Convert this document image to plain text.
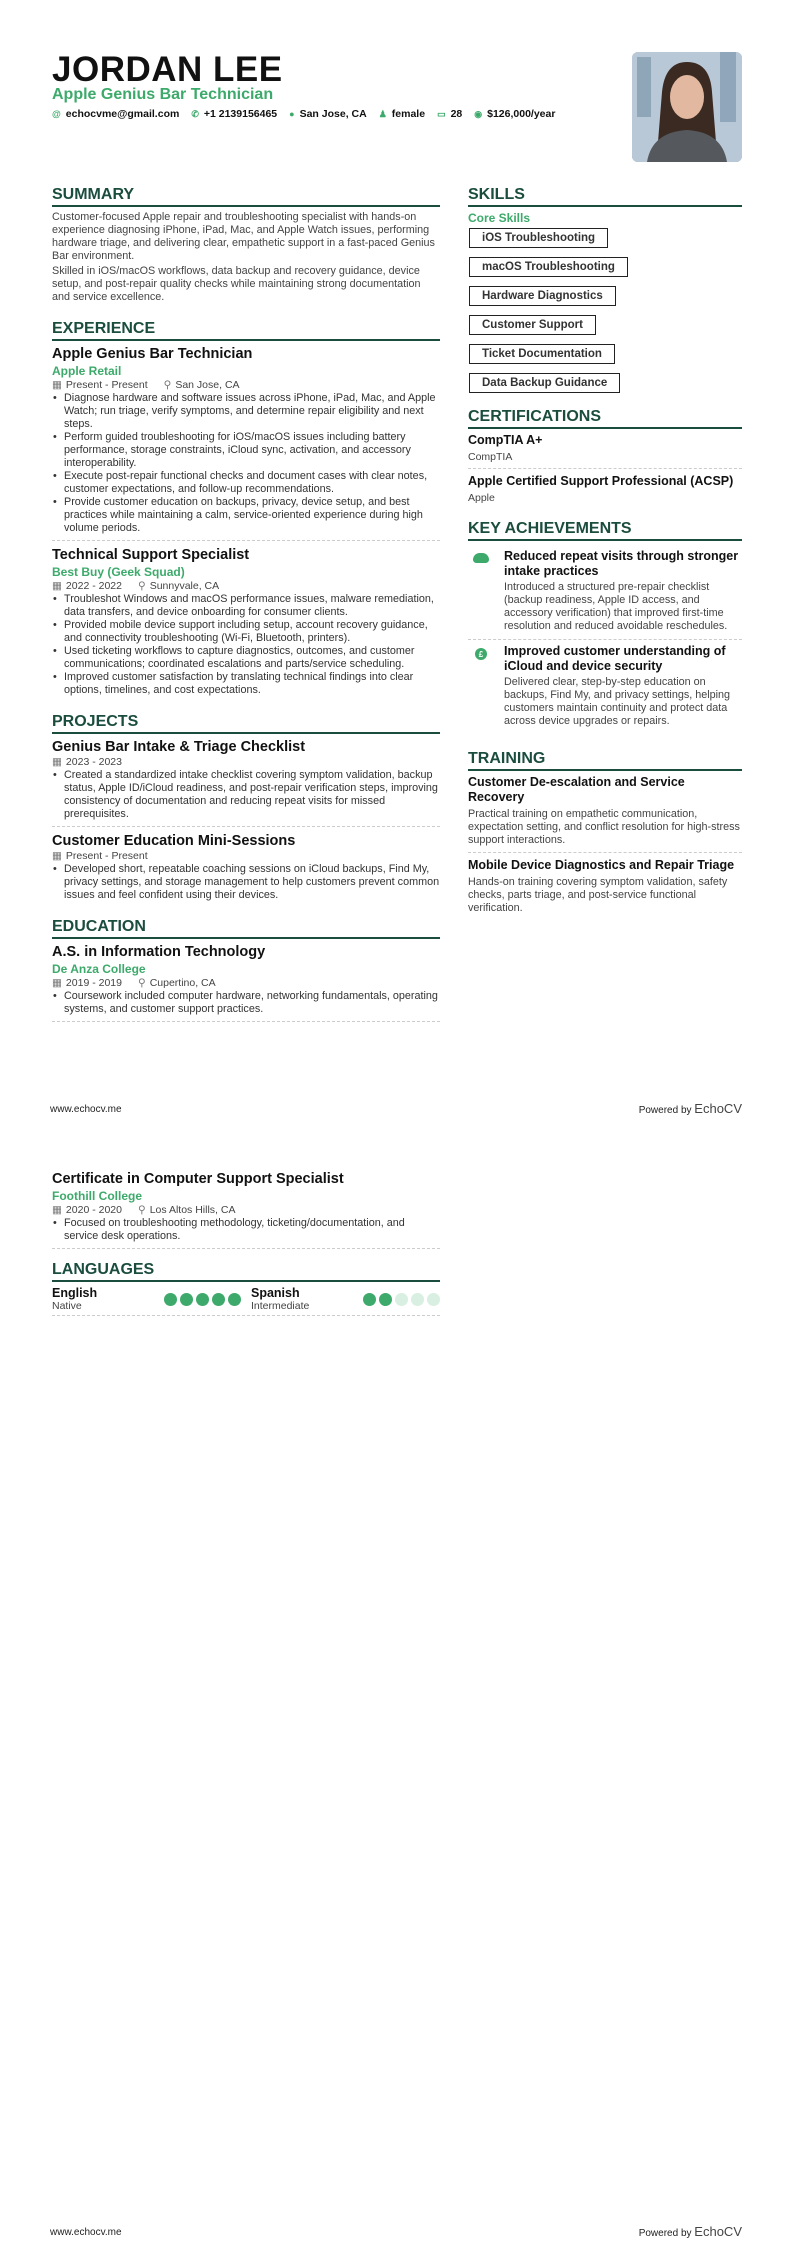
JORDAN LEE
Apple Genius Bar Technician
@ echocvme@gmail.com ✆ +1 2139156465 ● San Jose, CA ♟ female ▭ 28 ◉ $126,000/year
SUMMARY

Customer-focused Apple repair and troubleshooting specialist with hands-on experience diagnosing iPhone, iPad, Mac, and Apple Watch issues, performing hardware triage, and delivering clear, empathetic support in a fast-paced Genius Bar environment.

Skilled in iOS/macOS workflows, data backup and recovery guidance, device setup, and post-repair quality checks while maintaining strong documentation and service excellence.

EXPERIENCE
Apple Genius Bar Technician
Apple Retail
▦ Present - Present ⚲ San Jose, CA
• Diagnose hardware and software issues across iPhone, iPad, Mac, and Apple Watch; run triage, verify symptoms, and determine repair eligibility and next steps.
• Perform guided troubleshooting for iOS/macOS issues including battery performance, storage constraints, iCloud sync, activation, and accessory interoperability.
• Execute post-repair functional checks and document cases with clear notes, customer expectations, and follow-up recommendations.
• Provide customer education on backups, privacy, device setup, and best practices while maintaining a calm, service-oriented experience during high volume periods.
Technical Support Specialist
Best Buy (Geek Squad)
▦ 2022 - 2022 ⚲ Sunnyvale, CA
• Troubleshot Windows and macOS performance issues, malware remediation, data transfers, and device onboarding for consumer clients.
• Provided mobile device support including setup, account recovery guidance, and connectivity troubleshooting (Wi-Fi, Bluetooth, printers).
• Used ticketing workflows to capture diagnostics, outcomes, and customer communications; coordinated escalations and parts/service scheduling.
• Improved customer satisfaction by translating technical findings into clear options, timelines, and cost expectations.
PROJECTS
Genius Bar Intake & Triage Checklist
▦ 2023 - 2023
• Created a standardized intake checklist covering symptom validation, backup status, Apple ID/iCloud readiness, and post-repair verification steps, improving consistency of documentation and reducing repeat visits for missed prerequisites.
Customer Education Mini-Sessions
▦ Present - Present
• Developed short, repeatable coaching sessions on iCloud backups, Find My, privacy settings, and storage management to help customers prevent common issues and feel confident using their devices.
EDUCATION
A.S. in Information Technology
De Anza College
▦ 2019 - 2019 ⚲ Cupertino, CA
• Coursework included computer hardware, networking fundamentals, operating systems, and customer support practices.
SKILLS
Core Skills
iOS Troubleshooting
macOS Troubleshooting
Hardware Diagnostics
Customer Support
Ticket Documentation
Data Backup Guidance
CERTIFICATIONS
CompTIA A+
CompTIA
Apple Certified Support Professional (ACSP)
Apple
KEY ACHIEVEMENTS
Reduced repeat visits through stronger intake practices
Introduced a structured pre-repair checklist (backup readiness, Apple ID access, and accessory verification) that improved first-time resolution and reduced avoidable reschedules.
£	Improved customer understanding of iCloud and device security
Delivered clear, step-by-step education on backups, Find My, and privacy settings, helping customers maintain continuity and protect data across device upgrades or repairs.
TRAINING
Customer De-escalation and Service Recovery
Practical training on empathetic communication, expectation setting, and conflict resolution for high-stress support interactions.
Mobile Device Diagnostics and Repair Triage
Hands-on training covering symptom validation, safety checks, parts triage, and post-service functional verification.
www.echocv.me	Powered by EchoCV
Certificate in Computer Support Specialist
Foothill College
▦ 2020 - 2020 ⚲ Los Altos Hills, CA
• Focused on troubleshooting methodology, ticketing/documentation, and service desk operations.
LANGUAGES
English
Native
Spanish
Intermediate
www.echocv.me	Powered by EchoCV
